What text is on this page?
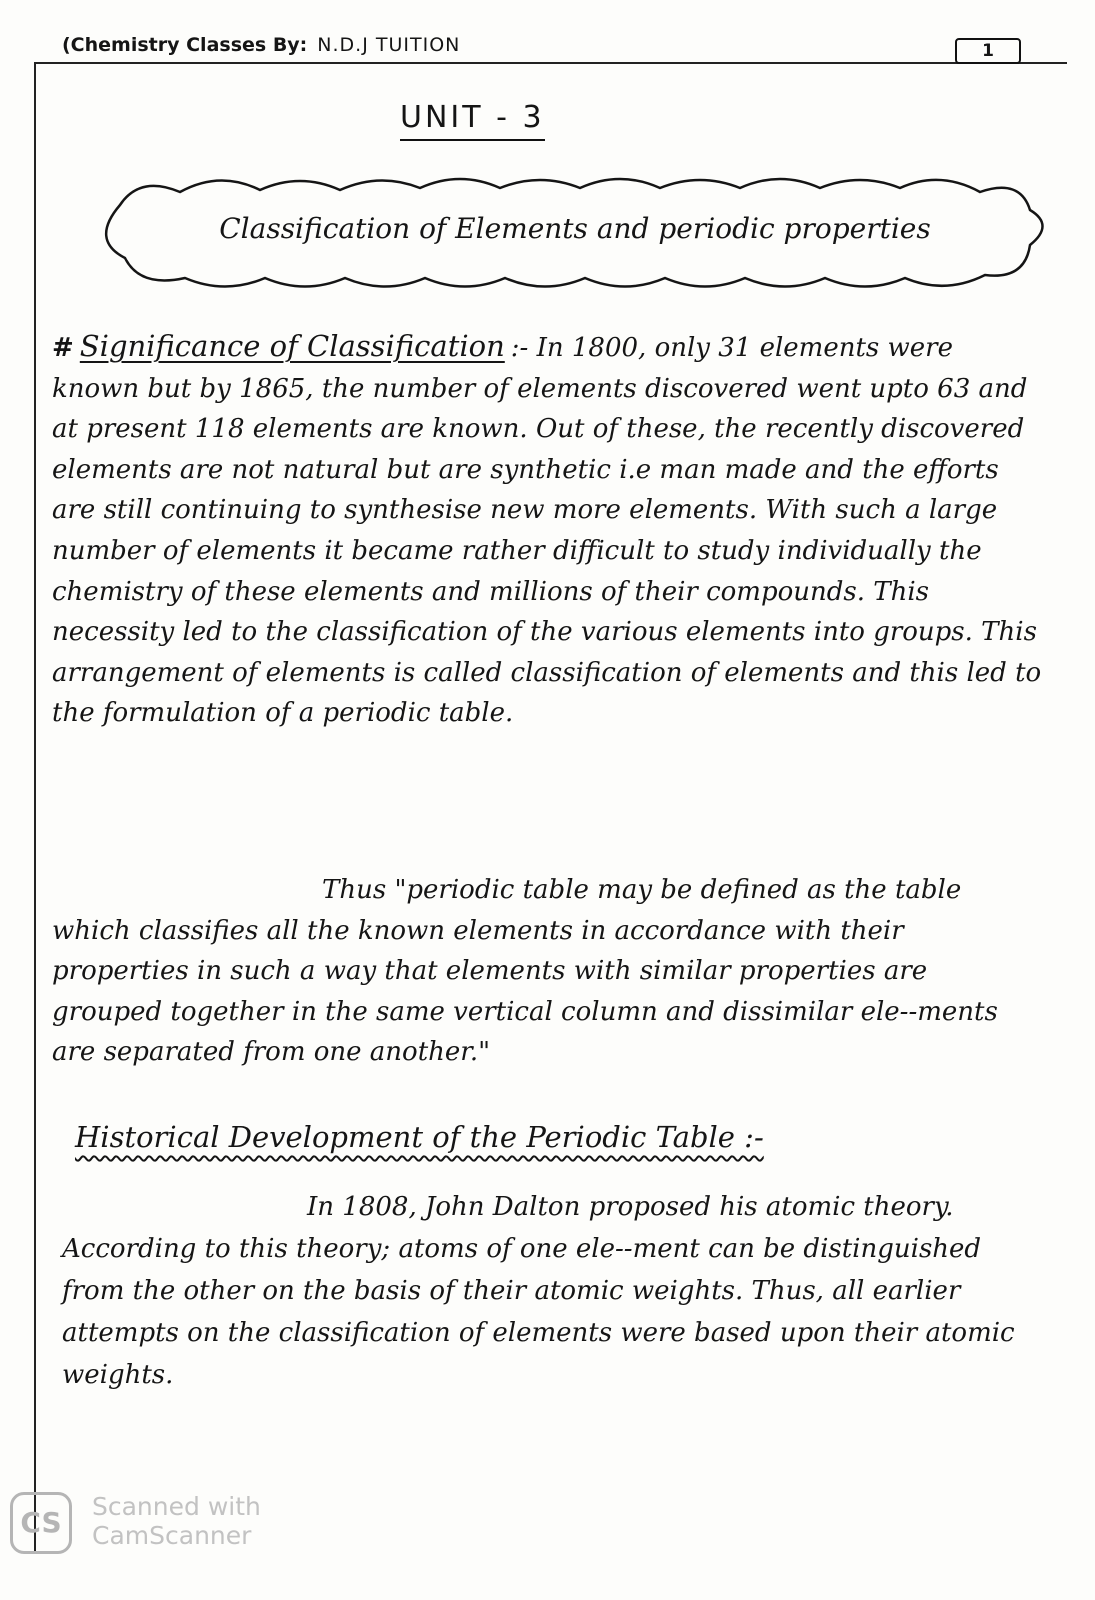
(Chemistry Classes By: N.D.J TUITION	1
UNIT - 3
Classification of Elements and periodic properties
# Significance of Classification :- In 1800, only 31 elements were known but by 1865, the number of elements discovered went upto 63 and at present 118 elements are known. Out of these, the recently discovered elements are not natural but are synthetic i.e man made and the efforts are still continuing to synthesise new more elements. With such a large number of elements it became rather difficult to study individually the chemistry of these elements and millions of their compounds. This necessity led to the classification of the various elements into groups. This arrangement of elements is called classification of elements and this led to the formulation of a periodic table.
Thus "periodic table may be defined as the table which classifies all the known elements in accordance with their properties in such a way that elements with similar properties are grouped together in the same vertical column and dissimilar ele--ments are separated from one another."
Historical Development of the Periodic Table :-
In 1808, John Dalton proposed his atomic theory. According to this theory; atoms of one ele--ment can be distinguished from the other on the basis of their atomic weights. Thus, all earlier attempts on the classification of elements were based upon their atomic weights.
CS	Scanned with
CamScanner
